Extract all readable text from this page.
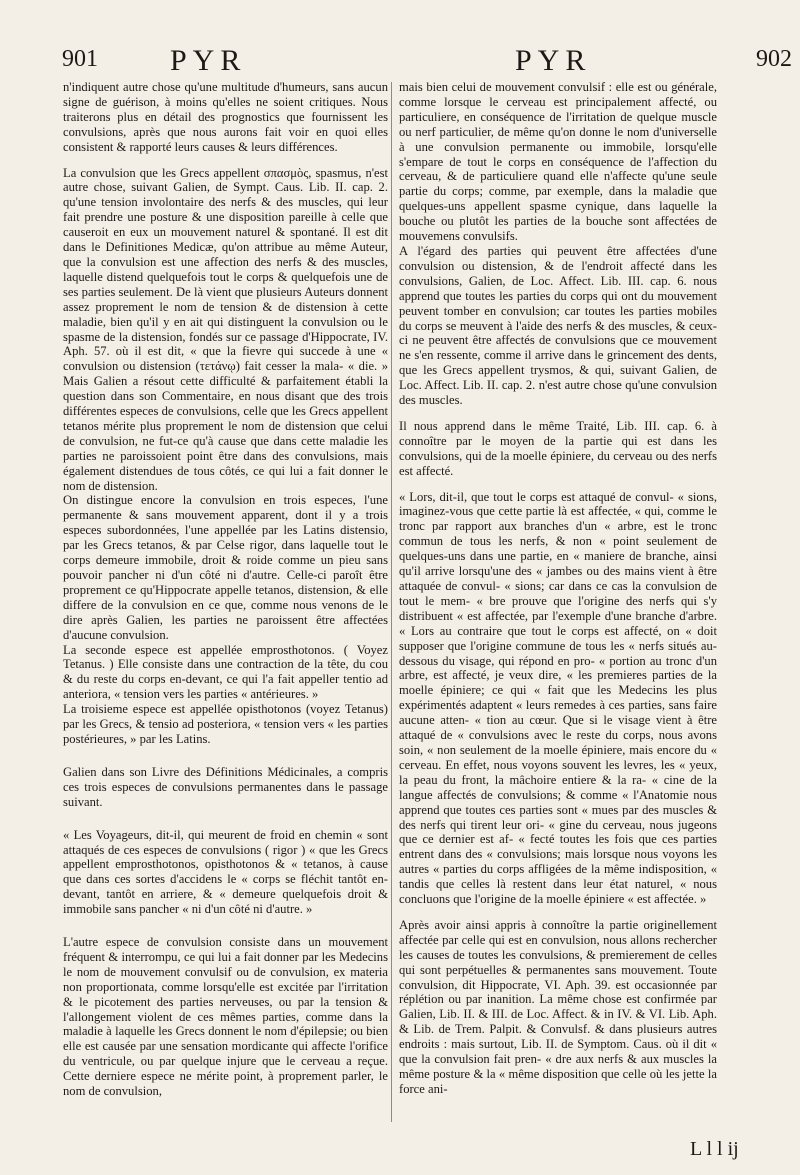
901 PYR	PYR	902

n'indiquent autre chose qu'une multitude d'humeurs, sans aucun signe de guérison, à moins qu'elles ne soient critiques. Nous traiterons plus en détail des prognostics que fournissent les convulsions, après que nous aurons fait voir en quoi elles consistent & rapporté leurs causes & leurs différences.

La convulsion que les Grecs appellent σπασμὸς, spasmus, n'est autre chose, suivant Galien, de Sympt. Caus. Lib. II. cap. 2. qu'une tension involontaire des nerfs & des muscles, qui leur fait prendre une posture & une disposition pareille à celle que causeroit en eux un mouvement naturel & spontané. Il est dit dans le Definitiones Medicæ, qu'on attribue au même Auteur, que la convulsion est une affection des nerfs & des muscles, laquelle distend quelquefois tout le corps & quelquefois une de ses parties seulement. De là vient que plusieurs Auteurs donnent assez proprement le nom de tension & de distension à cette maladie, bien qu'il y en ait qui distinguent la convulsion ou le spasme de la distension, fondés sur ce passage d'Hippocrate, IV. Aph. 57. où il est dit, « que la fievre qui succede à une « convulsion ou distension (τετάνῳ) fait cesser la mala- « die. » Mais Galien a résout cette difficulté & parfaitement établi la question dans son Commentaire, en nous disant que des trois différentes especes de convulsions, celle que les Grecs appellent tetanos mérite plus proprement le nom de distension que celui de convulsion, ne fut-ce qu'à cause que dans cette maladie les parties ne paroissoient point être dans des convulsions, mais également distendues de tous côtés, ce qui lui a fait donner le nom de distension.

On distingue encore la convulsion en trois especes, l'une permanente & sans mouvement apparent, dont il y a trois especes subordonnées, l'une appellée par les Latins distensio, par les Grecs tetanos, & par Celse rigor, dans laquelle tout le corps demeure immobile, droit & roide comme un pieu sans pouvoir pancher ni d'un côté ni d'autre. Celle-ci paroît être proprement ce qu'Hippocrate appelle tetanos, distension, & elle differe de la convulsion en ce que, comme nous venons de le dire après Galien, les parties ne paroissent être affectées d'aucune convulsion.

La seconde espece est appellée emprosthotonos. ( Voyez Tetanus. ) Elle consiste dans une contraction de la tête, du cou & du reste du corps en-devant, ce qui l'a fait appeller tentio ad anteriora, « tension vers les parties « antérieures. »

La troisieme espece est appellée opisthotonos (voyez Tetanus) par les Grecs, & tensio ad posteriora, « tension vers « les parties postérieures, » par les Latins.

Galien dans son Livre des Définitions Médicinales, a compris ces trois especes de convulsions permanentes dans le passage suivant.

« Les Voyageurs, dit-il, qui meurent de froid en chemin « sont attaqués de ces especes de convulsions ( rigor ) « que les Grecs appellent emprosthotonos, opisthotonos & « tetanos, à cause que dans ces sortes d'accidens le « corps se fléchit tantôt en-devant, tantôt en arriere, & « demeure quelquefois droit & immobile sans pancher « ni d'un côté ni d'autre. »

L'autre espece de convulsion consiste dans un mouvement fréquent & interrompu, ce qui lui a fait donner par les Medecins le nom de mouvement convulsif ou de convulsion, ex materia non proportionata, comme lorsqu'elle est excitée par l'irritation & le picotement des parties nerveuses, ou par la tension & l'allongement violent de ces mêmes parties, comme dans la maladie à laquelle les Grecs donnent le nom d'épilepsie; ou bien elle est causée par une sensation mordicante qui affecte l'orifice du ventricule, ou par quelque injure que le cerveau a reçue. Cette derniere espece ne mérite point, à proprement parler, le nom de convulsion,

mais bien celui de mouvement convulsif : elle est ou générale, comme lorsque le cerveau est principalement affecté, ou particuliere, en conséquence de l'irritation de quelque muscle ou nerf particulier, de même qu'on donne le nom d'universelle à une convulsion permanente ou immobile, lorsqu'elle s'empare de tout le corps en conséquence de l'affection du cerveau, & de particuliere quand elle n'affecte qu'une seule partie du corps; comme, par exemple, dans la maladie que quelques-uns appellent spasme cynique, dans laquelle la bouche ou plutôt les parties de la bouche sont affectées de mouvemens convulsifs.

A l'égard des parties qui peuvent être affectées d'une convulsion ou distension, & de l'endroit affecté dans les convulsions, Galien, de Loc. Affect. Lib. III. cap. 6. nous apprend que toutes les parties du corps qui ont du mouvement peuvent tomber en convulsion; car toutes les parties mobiles du corps se meuvent à l'aide des nerfs & des muscles, & ceux-ci ne peuvent être affectés de convulsions que ce mouvement ne s'en ressente, comme il arrive dans le grincement des dents, que les Grecs appellent trysmos, & qui, suivant Galien, de Loc. Affect. Lib. II. cap. 2. n'est autre chose qu'une convulsion des muscles.

Il nous apprend dans le même Traité, Lib. III. cap. 6. à connoître par le moyen de la partie qui est dans les convulsions, qui de la moelle épiniere, du cerveau ou des nerfs est affecté.

« Lors, dit-il, que tout le corps est attaqué de convul- « sions, imaginez-vous que cette partie là est affectée, « qui, comme le tronc par rapport aux branches d'un « arbre, est le tronc commun de tous les nerfs, & non « point seulement de quelques-uns dans une partie, en « maniere de branche, ainsi qu'il arrive lorsqu'une des « jambes ou des mains vient à être attaquée de convul- « sions; car dans ce cas la convulsion de tout le mem- « bre prouve que l'origine des nerfs qui s'y distribuent « est affectée, par l'exemple d'une branche d'arbre. « Lors au contraire que tout le corps est affecté, on « doit supposer que l'origine commune de tous les « nerfs situés au-dessous du visage, qui répond en pro- « portion au tronc d'un arbre, est affecté, je veux dire, « les premieres parties de la moelle épiniere; ce qui « fait que les Medecins les plus expérimentés adaptent « leurs remedes à ces parties, sans faire aucune atten- « tion au cœur. Que si le visage vient à être attaqué de « convulsions avec le reste du corps, nous avons soin, « non seulement de la moelle épiniere, mais encore du « cerveau. En effet, nous voyons souvent les levres, les « yeux, la peau du front, la mâchoire entiere & la ra- « cine de la langue affectés de convulsions; & comme « l'Anatomie nous apprend que toutes ces parties sont « mues par des muscles & des nerfs qui tirent leur ori- « gine du cerveau, nous jugeons que ce dernier est af- « fecté toutes les fois que ces parties entrent dans des « convulsions; mais lorsque nous voyons les autres « parties du corps affligées de la même indisposition, « tandis que celles là restent dans leur état naturel, « nous concluons que l'origine de la moelle épiniere « est affectée. »

Après avoir ainsi appris à connoître la partie originellement affectée par celle qui est en convulsion, nous allons rechercher les causes de toutes les convulsions, & premierement de celles qui sont perpétuelles & permanentes sans mouvement. Toute convulsion, dit Hippocrate, VI. Aph. 39. est occasionnée par réplétion ou par inanition. La même chose est confirmée par Galien, Lib. II. & III. de Loc. Affect. & in IV. & VI. Lib. Aph. & Lib. de Trem. Palpit. & Convulsf. & dans plusieurs autres endroits : mais surtout, Lib. II. de Symptom. Caus. où il dit « que la convulsion fait pren- « dre aux nerfs & aux muscles la même posture & la « même disposition que celle où les jette la force ani-

L l l ij
